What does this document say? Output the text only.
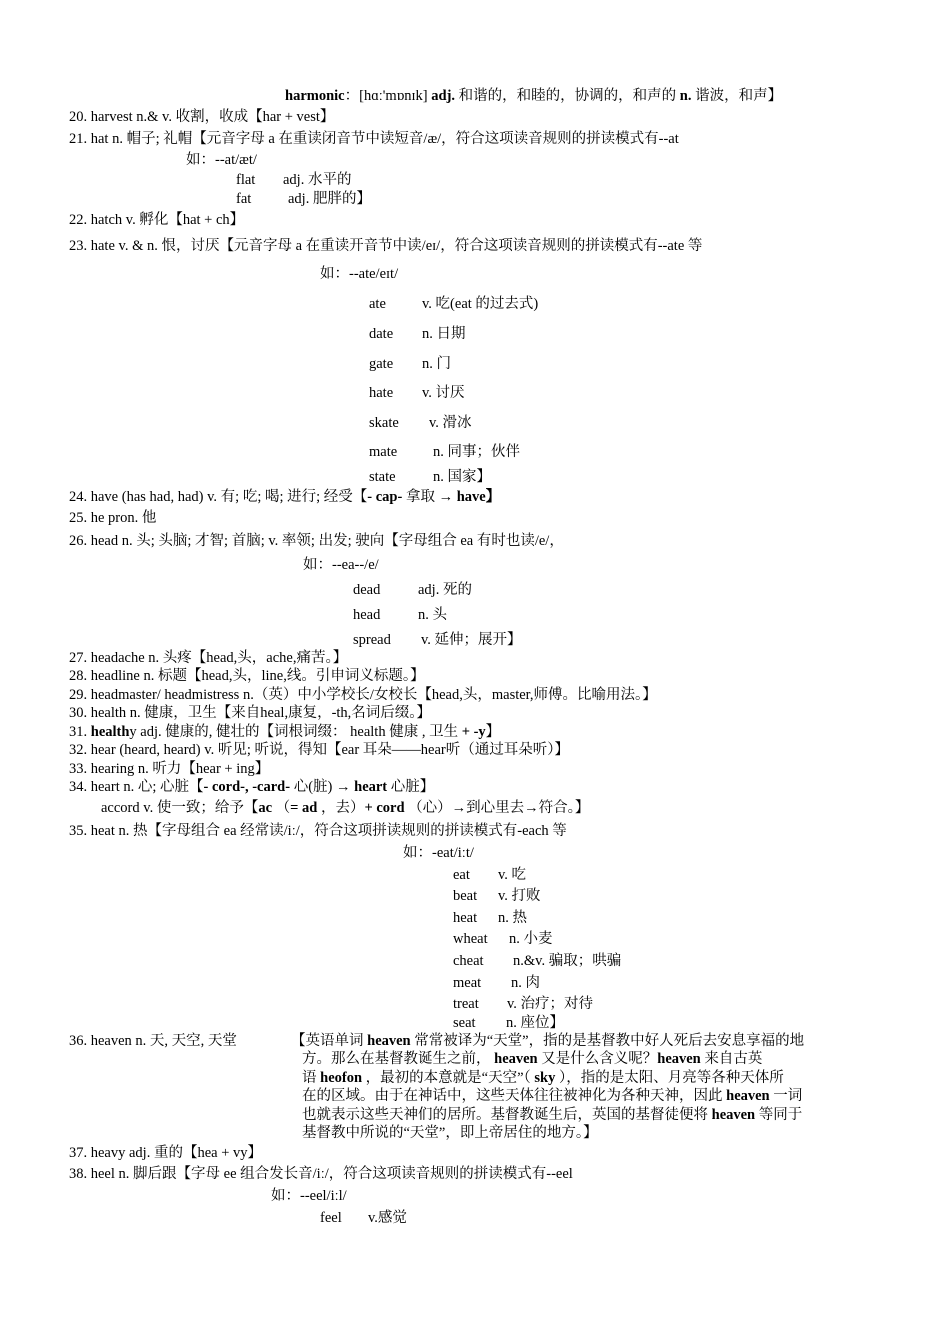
harmonic：[hɑː'mɒnɪk] adj. 和谐的，和睦的，协调的，和声的 n. 谐波，和声】
20. harvest n.& v. 收割，收成【har + vest】
21. hat n. 帽子; 礼帽【元音字母 a 在重读闭音节中读短音/æ/，符合这项读音规则的拼读模式有--at
如：--at/æt/
flat adj. 水平的
fat	adj. 肥胖的】
22. hatch v. 孵化【hat + ch】
23. hate v. & n. 恨，讨厌【元音字母 a 在重读开音节中读/eɪ/，符合这项读音规则的拼读模式有--ate 等
如：--ate/eɪt/
ate v. 吃(eat 的过去式)
date n. 日期
gate n. 门
hate v. 讨厌
skate v. 滑冰
mate n. 同事；伙伴
state	n. 国家】
24. have (has had, had) v. 有; 吃; 喝; 进行; 经受【- cap- 拿取 → have】
25. he pron. 他
26. head n. 头; 头脑; 才智; 首脑; v. 率领; 出发; 驶向【字母组合 ea 有时也读/e/，
如：--ea--/e/
dead	adj. 死的
head	n. 头
spread v. 延伸；展开】
27. headache n. 头疼【head,头，ache,痛苦。】
28. headline n. 标题【head,头，line,线。引申词义标题。】
29. headmaster/ headmistress n.（英）中小学校长/女校长【head,头，master,师傅。比喻用法。】
30. health n. 健康，卫生【来自heal,康复，-th,名词后缀。】
31. healthy adj. 健康的, 健壮的【词根词缀： health 健康 , 卫生 + -y】
32. hear (heard, heard) v. 听见; 听说，得知【ear 耳朵——hear听（通过耳朵听）】
33. hearing n. 听力【hear + ing】
34. heart n. 心; 心脏【- cord-, -card- 心(脏) → heart 心脏】
accord v. 使一致；给予【ac （= ad ，去）+ cord （心）→到心里去→符合。】
35. heat n. 热【字母组合 ea 经常读/iː/，符合这项拼读规则的拼读模式有-each 等
如：-eat/iːt/
eat v. 吃
beat v. 打败
heat n. 热
wheat n. 小麦
cheat n.&v. 骗取；哄骗
meat n. 肉
treat v. 治疗；对待
seat n. 座位】
36. heaven n. 天, 天空, 天堂	【英语单词 heaven 常常被译为“天堂”，指的是基督教中好人死后去安息享福的地
方。那么在基督教诞生之前， heaven 又是什么含义呢？heaven 来自古英
语 heofon ，最初的本意就是“天空”（ sky ），指的是太阳、月亮等各种天体所
在的区域。由于在神话中，这些天体往往被神化为各种天神，因此 heaven 一词
也就表示这些天神们的居所。基督教诞生后，英国的基督徒便将 heaven 等同于
基督教中所说的“天堂”，即上帝居住的地方。】
37. heavy adj. 重的【hea + vy】
38. heel n. 脚后跟【字母 ee 组合发长音/iː/，符合这项读音规则的拼读模式有--eel
如：--eel/iːl/
feel v.感觉
